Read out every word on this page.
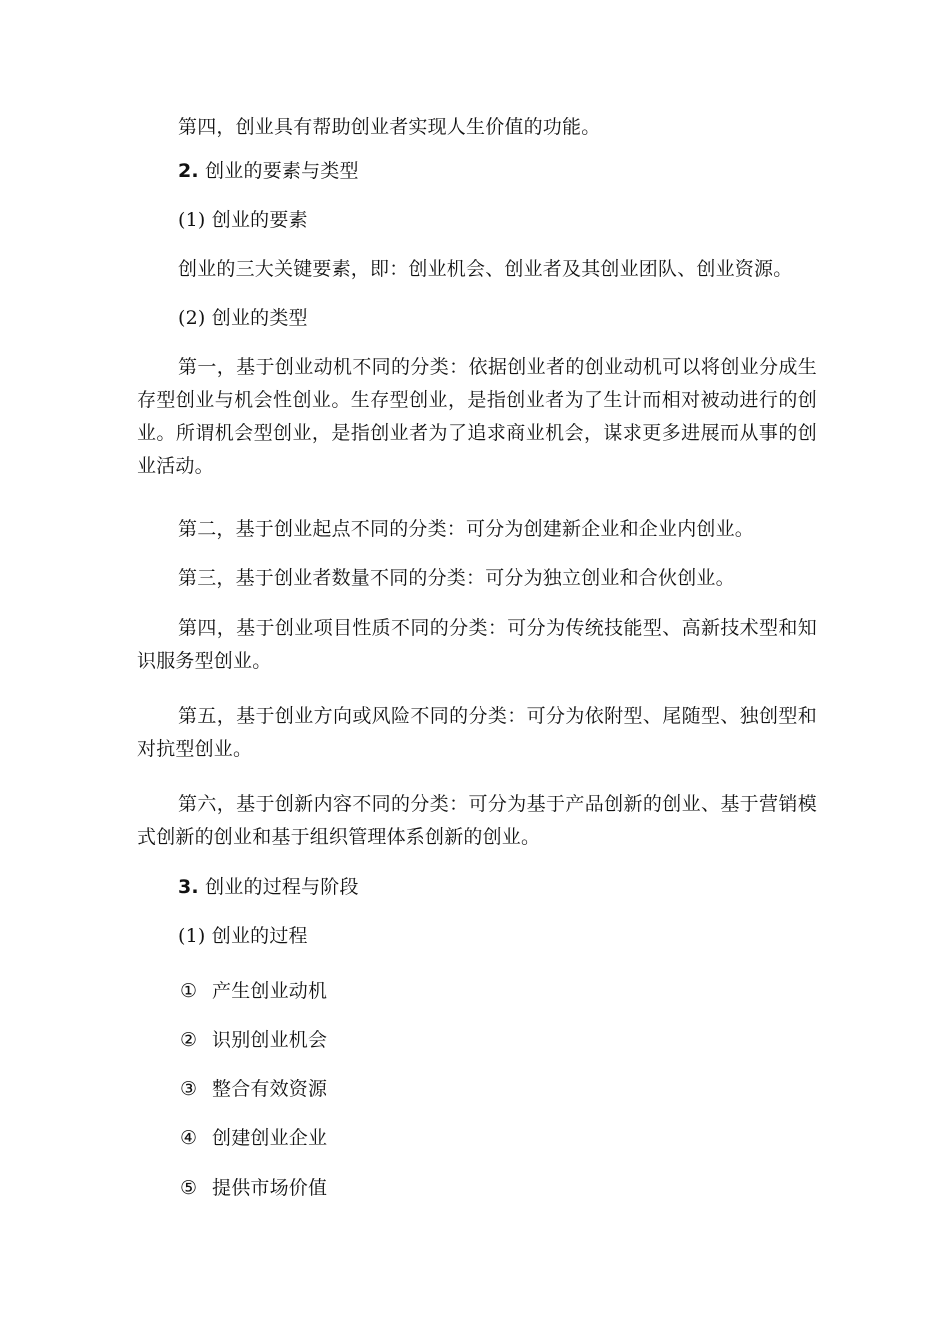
第四，创业具有帮助创业者实现人生价值的功能。
2. 创业的要素与类型
(1) 创业的要素
创业的三大关键要素，即：创业机会、创业者及其创业团队、创业资源。
(2) 创业的类型
第一，基于创业动机不同的分类：依据创业者的创业动机可以将创业分成生存型创业与机会性创业。生存型创业，是指创业者为了生计而相对被动进行的创业。所谓机会型创业，是指创业者为了追求商业机会，谋求更多进展而从事的创业活动。
第二，基于创业起点不同的分类：可分为创建新企业和企业内创业。
第三，基于创业者数量不同的分类：可分为独立创业和合伙创业。
第四，基于创业项目性质不同的分类：可分为传统技能型、高新技术型和知识服务型创业。
第五，基于创业方向或风险不同的分类：可分为依附型、尾随型、独创型和对抗型创业。
第六，基于创新内容不同的分类：可分为基于产品创新的创业、基于营销模式创新的创业和基于组织管理体系创新的创业。
3. 创业的过程与阶段
(1) 创业的过程
① 产生创业动机
② 识别创业机会
③ 整合有效资源
④ 创建创业企业
⑤ 提供市场价值
